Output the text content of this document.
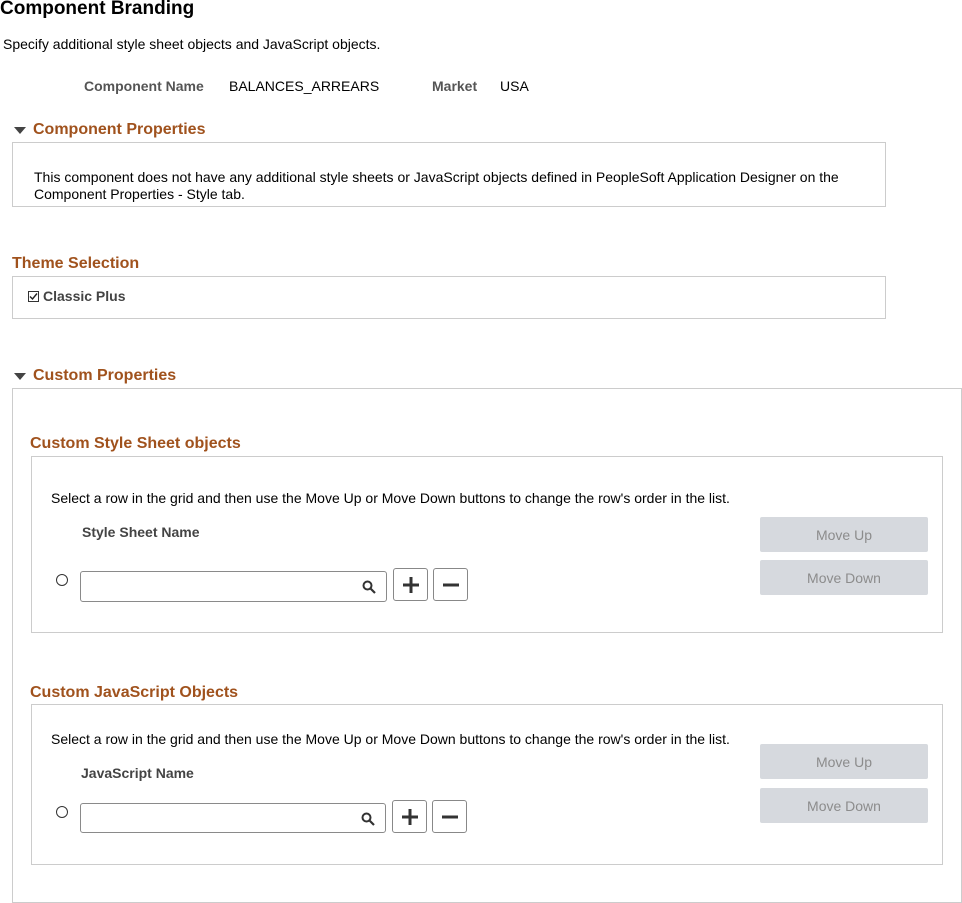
Component Branding
Specify additional style sheet objects and JavaScript objects.
Component Name BALANCES_ARREARS	Market USA
Component Properties
This component does not have any additional style sheets or JavaScript objects defined in PeopleSoft Application Designer on the Component Properties - Style tab.
Theme Selection
Classic Plus
Custom Properties
Custom Style Sheet objects
Select a row in the grid and then use the Move Up or Move Down buttons to change the row's order in the list.
Style Sheet Name	Move Up
Move Down
Custom JavaScript Objects
Select a row in the grid and then use the Move Up or Move Down buttons to change the row's order in the list.
JavaScript Name
Move Up
Move Down
